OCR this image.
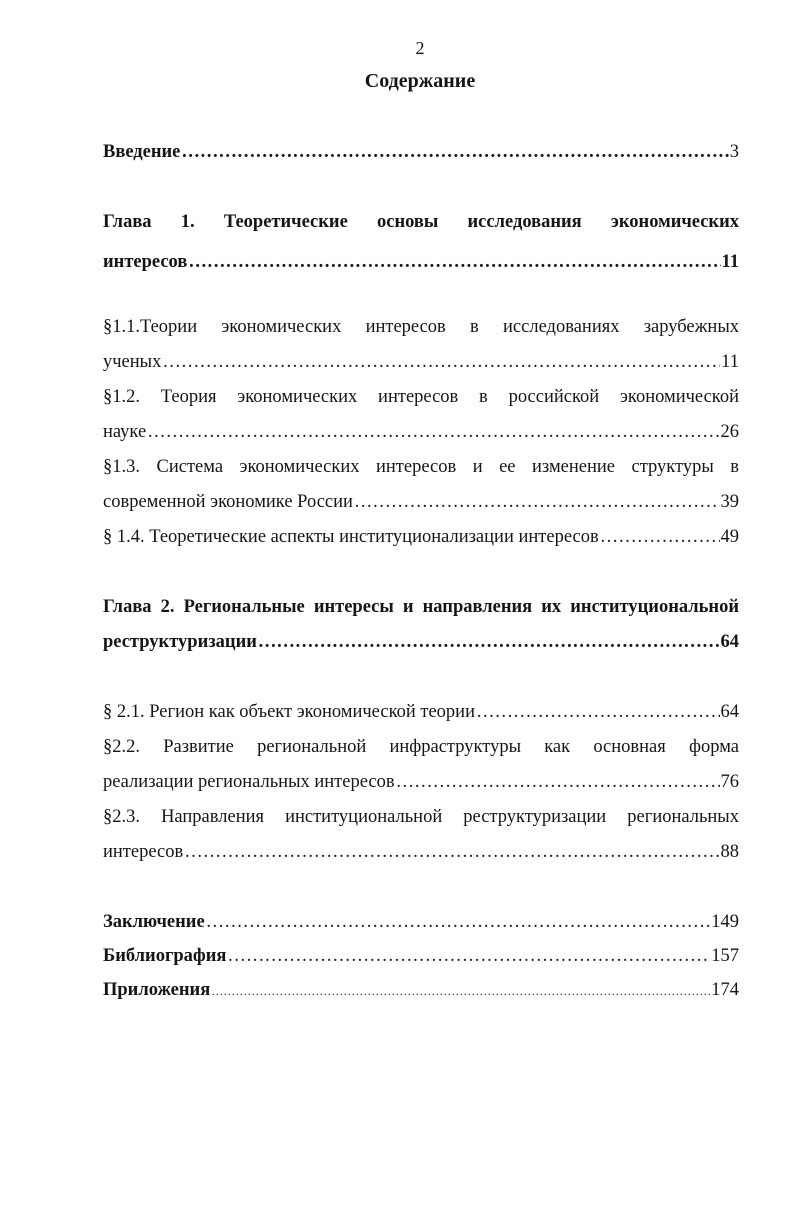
2
Содержание
Введение ……………………………………………………………………………………………………………………………………………………………………………………	3
Глава 1. Теоретические основы исследования экономических
интересов ……………………………………………………………………………………………………………………………………………………………………………………	11
§1.1.Теории экономических интересов в исследованиях зарубежных
ученых ……………………………………………………………………………………………………………………………………………………………………………………	11
§1.2. Теория экономических интересов в российской экономической
науке ……………………………………………………………………………………………………………………………………………………………………………………	26
§1.3. Система экономических интересов и ее изменение структуры в
современной экономике России ……………………………………………………………………………………………………………………………………………………………………………………	39
§ 1.4. Теоретические аспекты институционализации интересов ……………………………………………………………………………………………………………………………………………………………………………………	49
Глава 2. Региональные интересы и направления их институциональной
реструктуризации ……………………………………………………………………………………………………………………………………………………………………………………	64
§ 2.1. Регион как объект экономической теории ……………………………………………………………………………………………………………………………………………………………………………………	64
§2.2. Развитие региональной инфраструктуры как основная форма
реализации региональных интересов ……………………………………………………………………………………………………………………………………………………………………………………	76
§2.3. Направления институциональной реструктуризации региональных
интересов ……………………………………………………………………………………………………………………………………………………………………………………	88
Заключение ……………………………………………………………………………………………………………………………………………………………………………………	149
Библиография ……………………………………………………………………………………………………………………………………………………………………………………	157
Приложения ……………………………………………………………………………………………………………………………………………………………………………………	174
